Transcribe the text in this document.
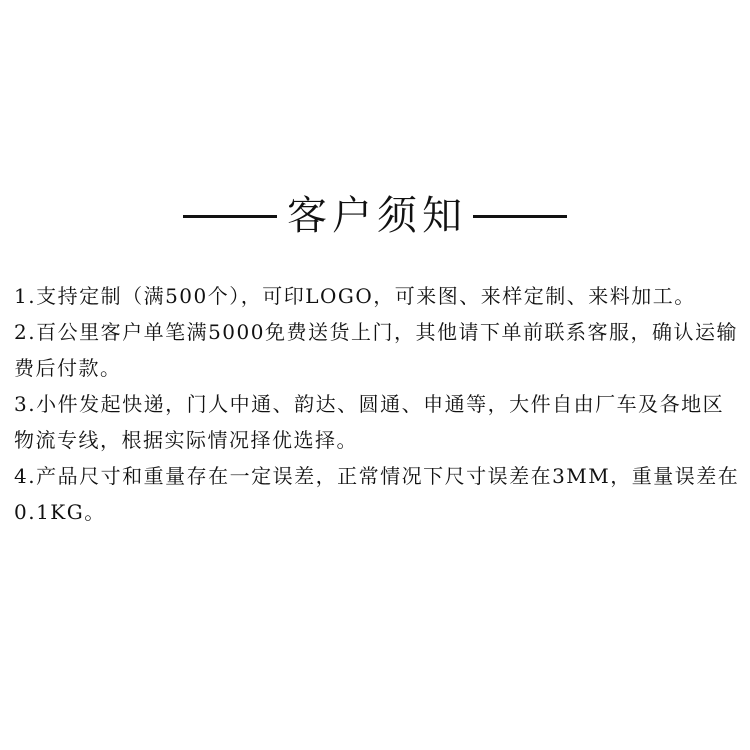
客户须知
1.支持定制（满500个），可印LOGO，可来图、来样定制、来料加工。
2.百公里客户单笔满5000免费送货上门，其他请下单前联系客服，确认运输费后付款。
3.小件发起快递，门人中通、韵达、圆通、申通等，大件自由厂车及各地区物流专线，根据实际情况择优选择。
4.产品尺寸和重量存在一定误差，正常情况下尺寸误差在3MM，重量误差在0.1KG。
